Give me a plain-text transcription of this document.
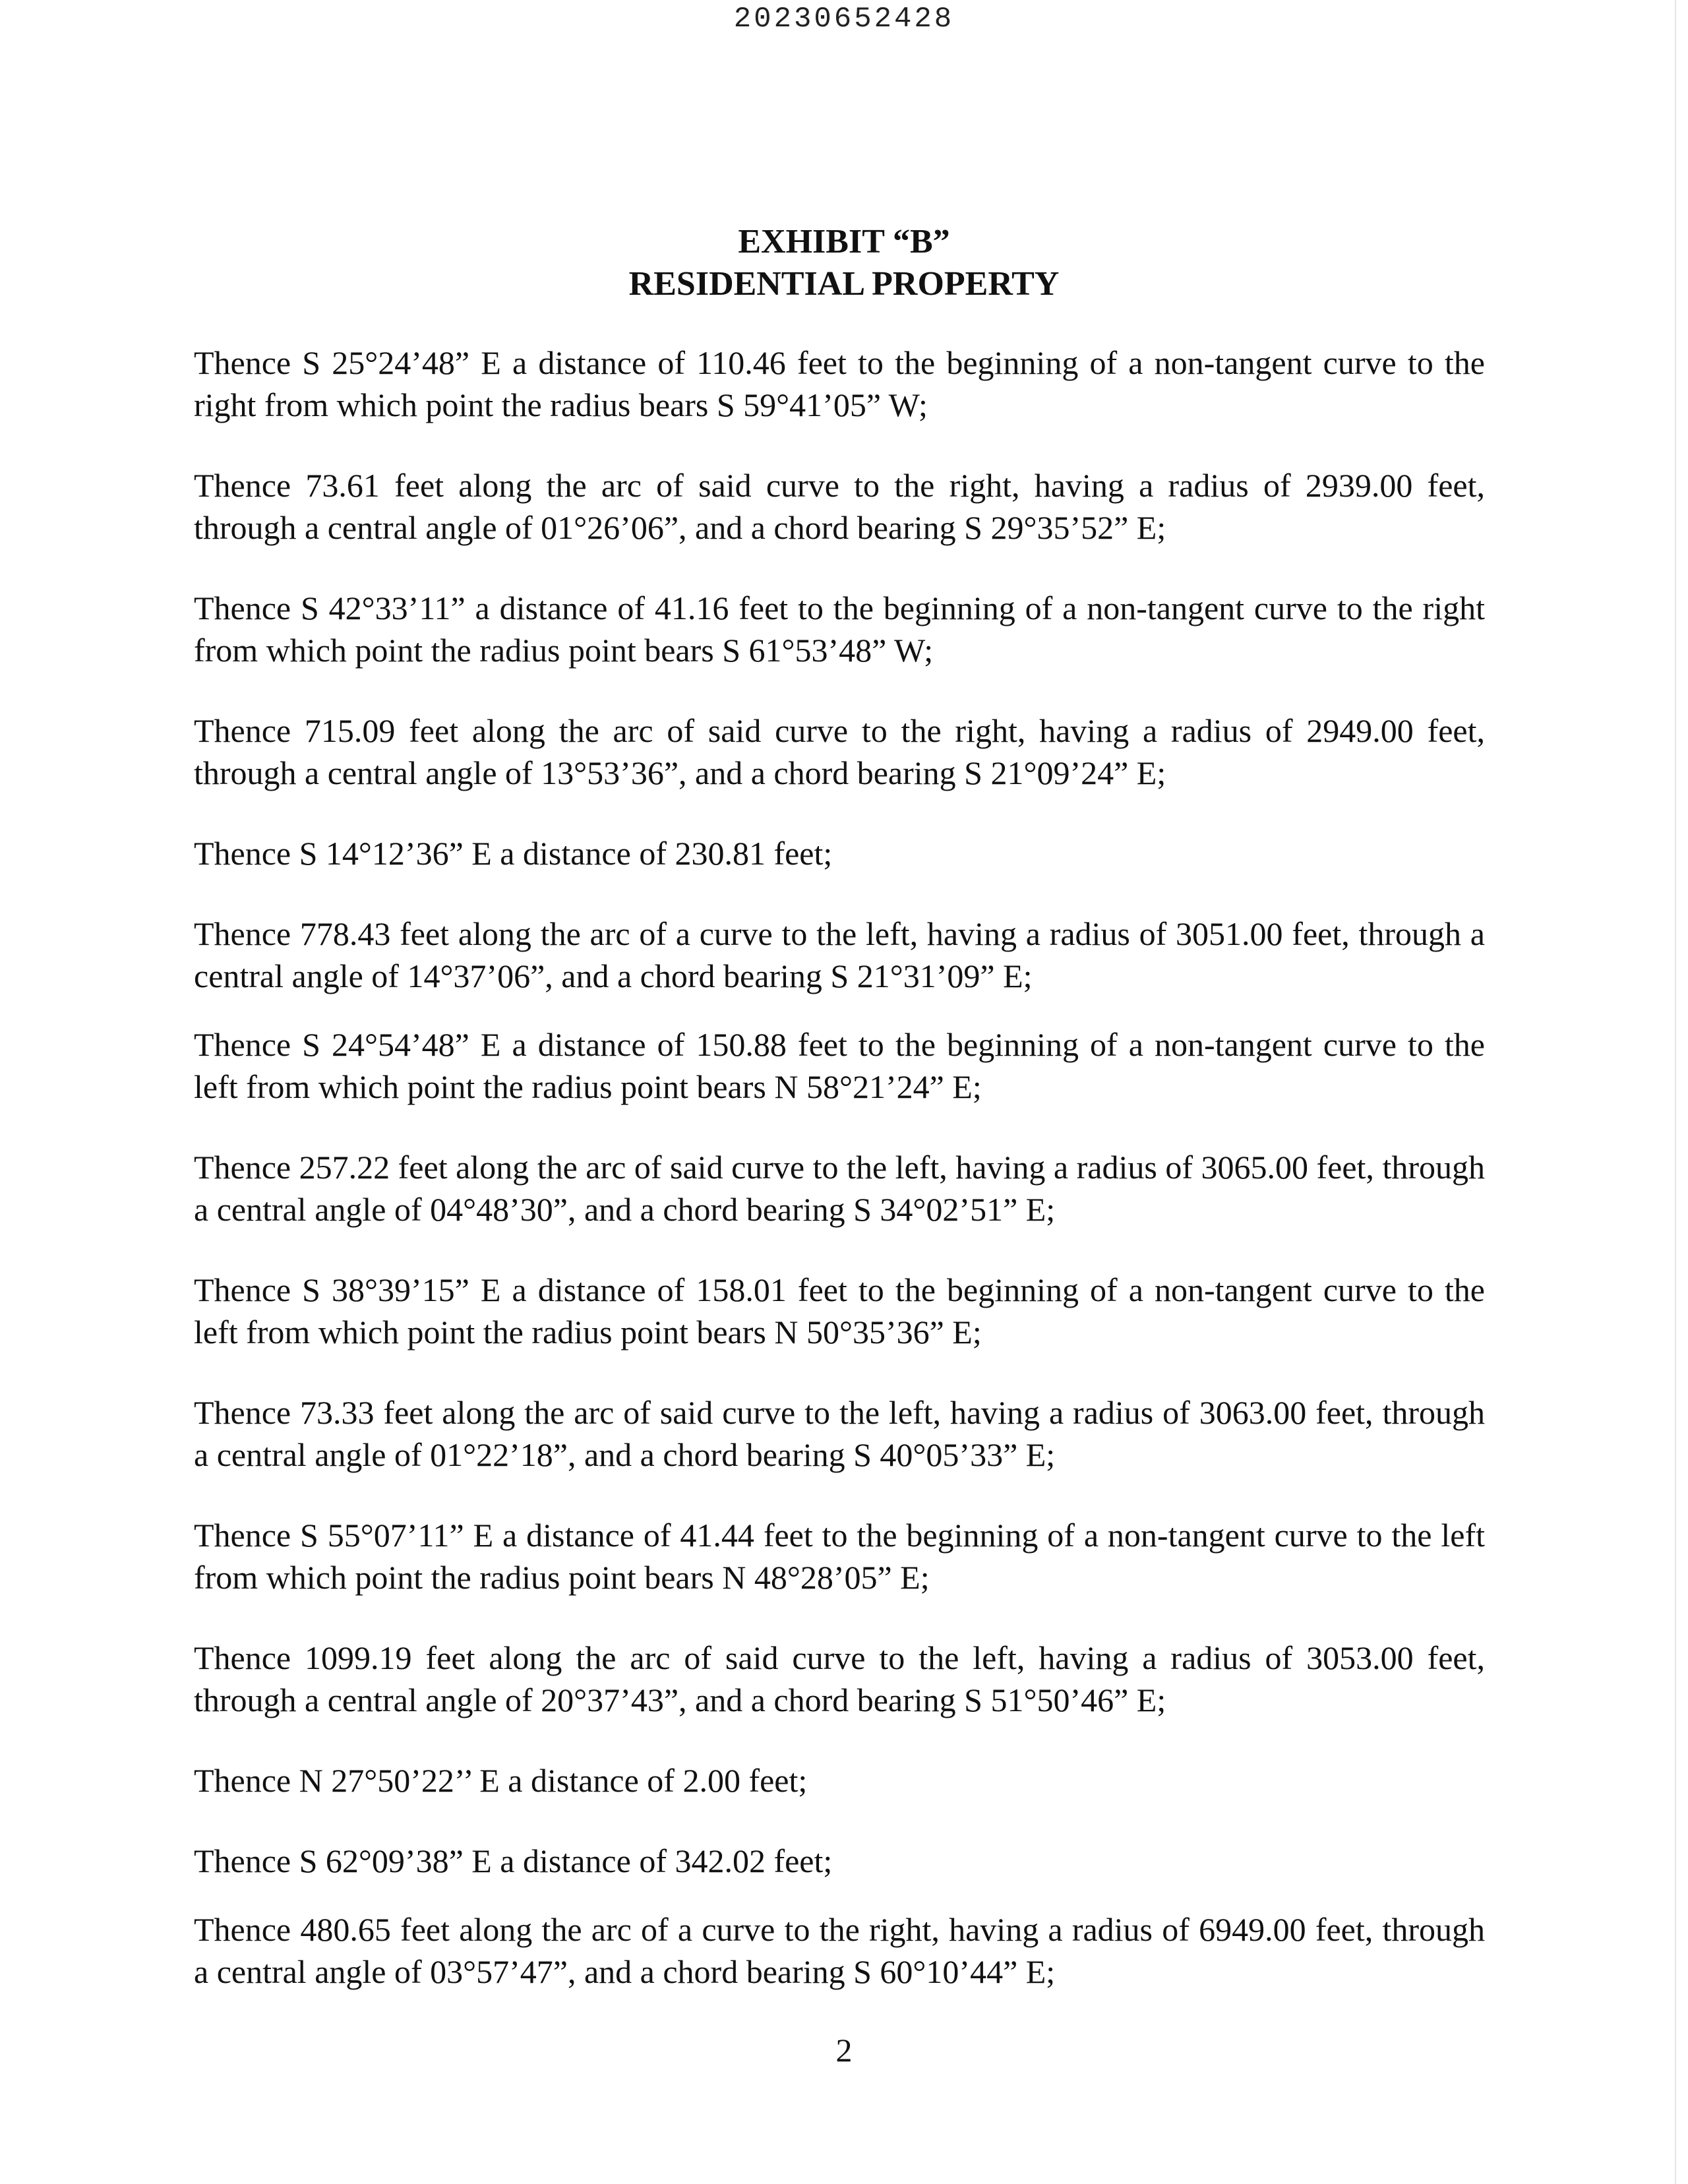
20230652428
EXHIBIT “B”
RESIDENTIAL PROPERTY

Thence S 25°24’48” E a distance of 110.46 feet to the beginning of a non-tangent curve to the right from which point the radius bears S 59°41’05” W;

Thence 73.61 feet along the arc of said curve to the right, having a radius of 2939.00 feet, through a central angle of 01°26’06”, and a chord bearing S 29°35’52” E;

Thence S 42°33’11” a distance of 41.16 feet to the beginning of a non-tangent curve to the right from which point the radius point bears S 61°53’48” W;

Thence 715.09 feet along the arc of said curve to the right, having a radius of 2949.00 feet, through a central angle of 13°53’36”, and a chord bearing S 21°09’24” E;

Thence S 14°12’36” E a distance of 230.81 feet;

Thence 778.43 feet along the arc of a curve to the left, having a radius of 3051.00 feet, through a central angle of 14°37’06”, and a chord bearing S 21°31’09” E;

Thence S 24°54’48” E a distance of 150.88 feet to the beginning of a non-tangent curve to the left from which point the radius point bears N 58°21’24” E;

Thence 257.22 feet along the arc of said curve to the left, having a radius of 3065.00 feet, through a central angle of 04°48’30”, and a chord bearing S 34°02’51” E;

Thence S 38°39’15” E a distance of 158.01 feet to the beginning of a non-tangent curve to the left from which point the radius point bears N 50°35’36” E;

Thence 73.33 feet along the arc of said curve to the left, having a radius of 3063.00 feet, through a central angle of 01°22’18”, and a chord bearing S 40°05’33” E;

Thence S 55°07’11” E a distance of 41.44 feet to the beginning of a non-tangent curve to the left from which point the radius point bears N 48°28’05” E;

Thence 1099.19 feet along the arc of said curve to the left, having a radius of 3053.00 feet, through a central angle of 20°37’43”, and a chord bearing S 51°50’46” E;

Thence N 27°50’22’’ E a distance of 2.00 feet;

Thence S 62°09’38” E a distance of 342.02 feet;

Thence 480.65 feet along the arc of a curve to the right, having a radius of 6949.00 feet, through a central angle of 03°57’47”, and a chord bearing S 60°10’44” E;

2
